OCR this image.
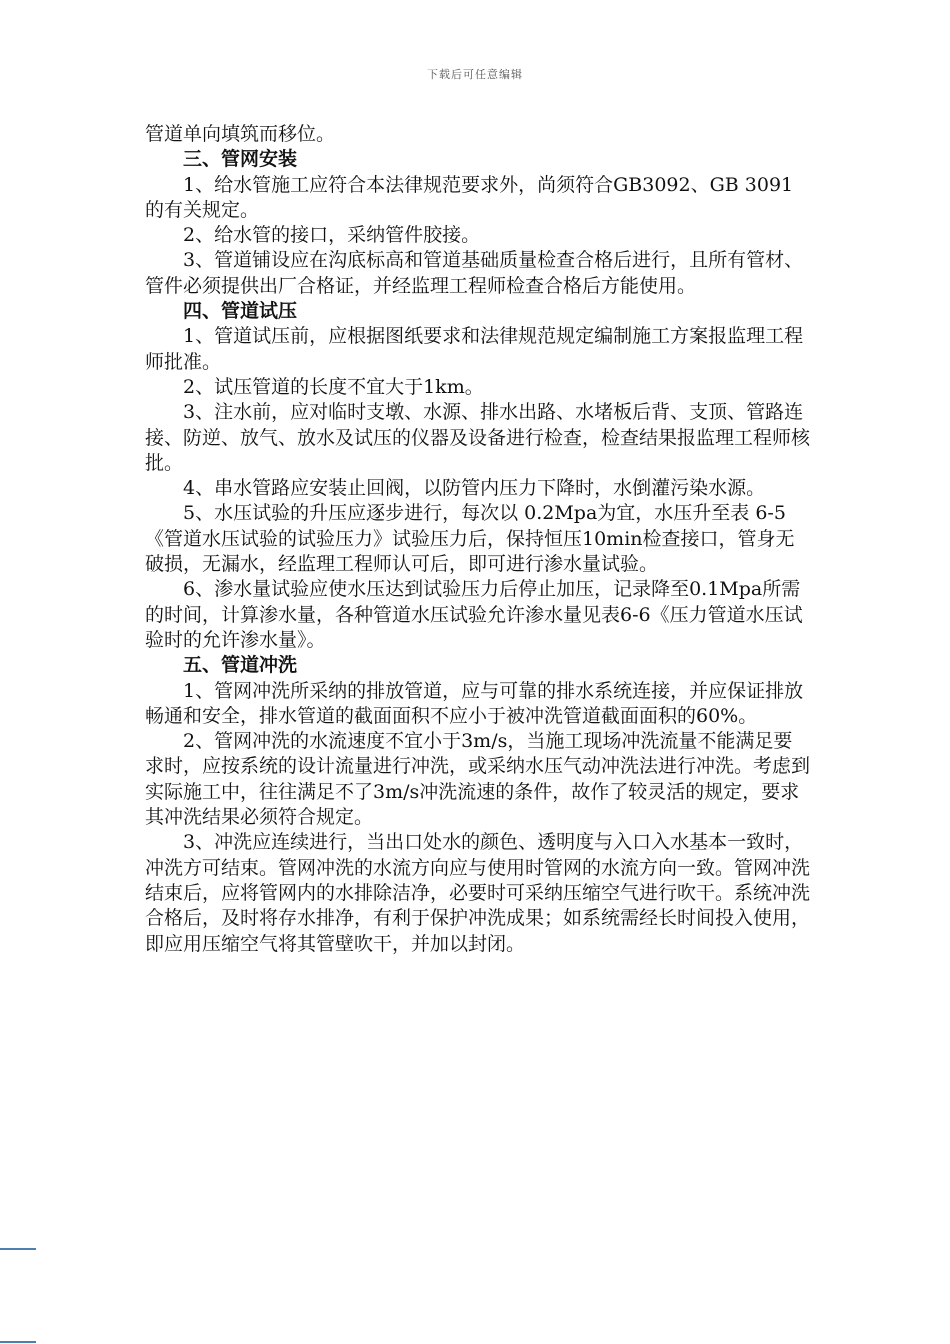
下载后可任意编辑

管道单向填筑而移位。

三、管网安装

1、给水管施工应符合本法律规范要求外，尚须符合GB3092、GB 3091的有关规定。

2、给水管的接口，采纳管件胶接。

3、管道铺设应在沟底标高和管道基础质量检查合格后进行，且所有管材、管件必须提供出厂合格证，并经监理工程师检查合格后方能使用。

四、管道试压

1、管道试压前，应根据图纸要求和法律规范规定编制施工方案报监理工程师批准。

2、试压管道的长度不宜大于1km。

3、注水前，应对临时支墩、水源、排水出路、水堵板后背、支顶、管路连接、防逆、放气、放水及试压的仪器及设备进行检查，检查结果报监理工程师核批。

4、串水管路应安装止回阀，以防管内压力下降时，水倒灌污染水源。

5、水压试验的升压应逐步进行，每次以 0.2Mpa为宜，水压升至表 6-5《管道水压试验的试验压力》试验压力后，保持恒压10min检查接口，管身无破损，无漏水，经监理工程师认可后，即可进行渗水量试验。

6、渗水量试验应使水压达到试验压力后停止加压，记录降至0.1Mpa所需的时间，计算渗水量，各种管道水压试验允许渗水量见表6-6《压力管道水压试验时的允许渗水量》。

五、管道冲洗

1、管网冲洗所采纳的排放管道，应与可靠的排水系统连接，并应保证排放畅通和安全，排水管道的截面面积不应小于被冲洗管道截面面积的60%。

2、管网冲洗的水流速度不宜小于3m/s，当施工现场冲洗流量不能满足要求时，应按系统的设计流量进行冲洗，或采纳水压气动冲洗法进行冲洗。考虑到实际施工中，往往满足不了3m/s冲洗流速的条件，故作了较灵活的规定，要求其冲洗结果必须符合规定。

3、冲洗应连续进行，当出口处水的颜色、透明度与入口入水基本一致时，冲洗方可结束。管网冲洗的水流方向应与使用时管网的水流方向一致。管网冲洗结束后，应将管网内的水排除洁净，必要时可采纳压缩空气进行吹干。系统冲洗合格后，及时将存水排净，有利于保护冲洗成果；如系统需经长时间投入使用，即应用压缩空气将其管壁吹干，并加以封闭。
